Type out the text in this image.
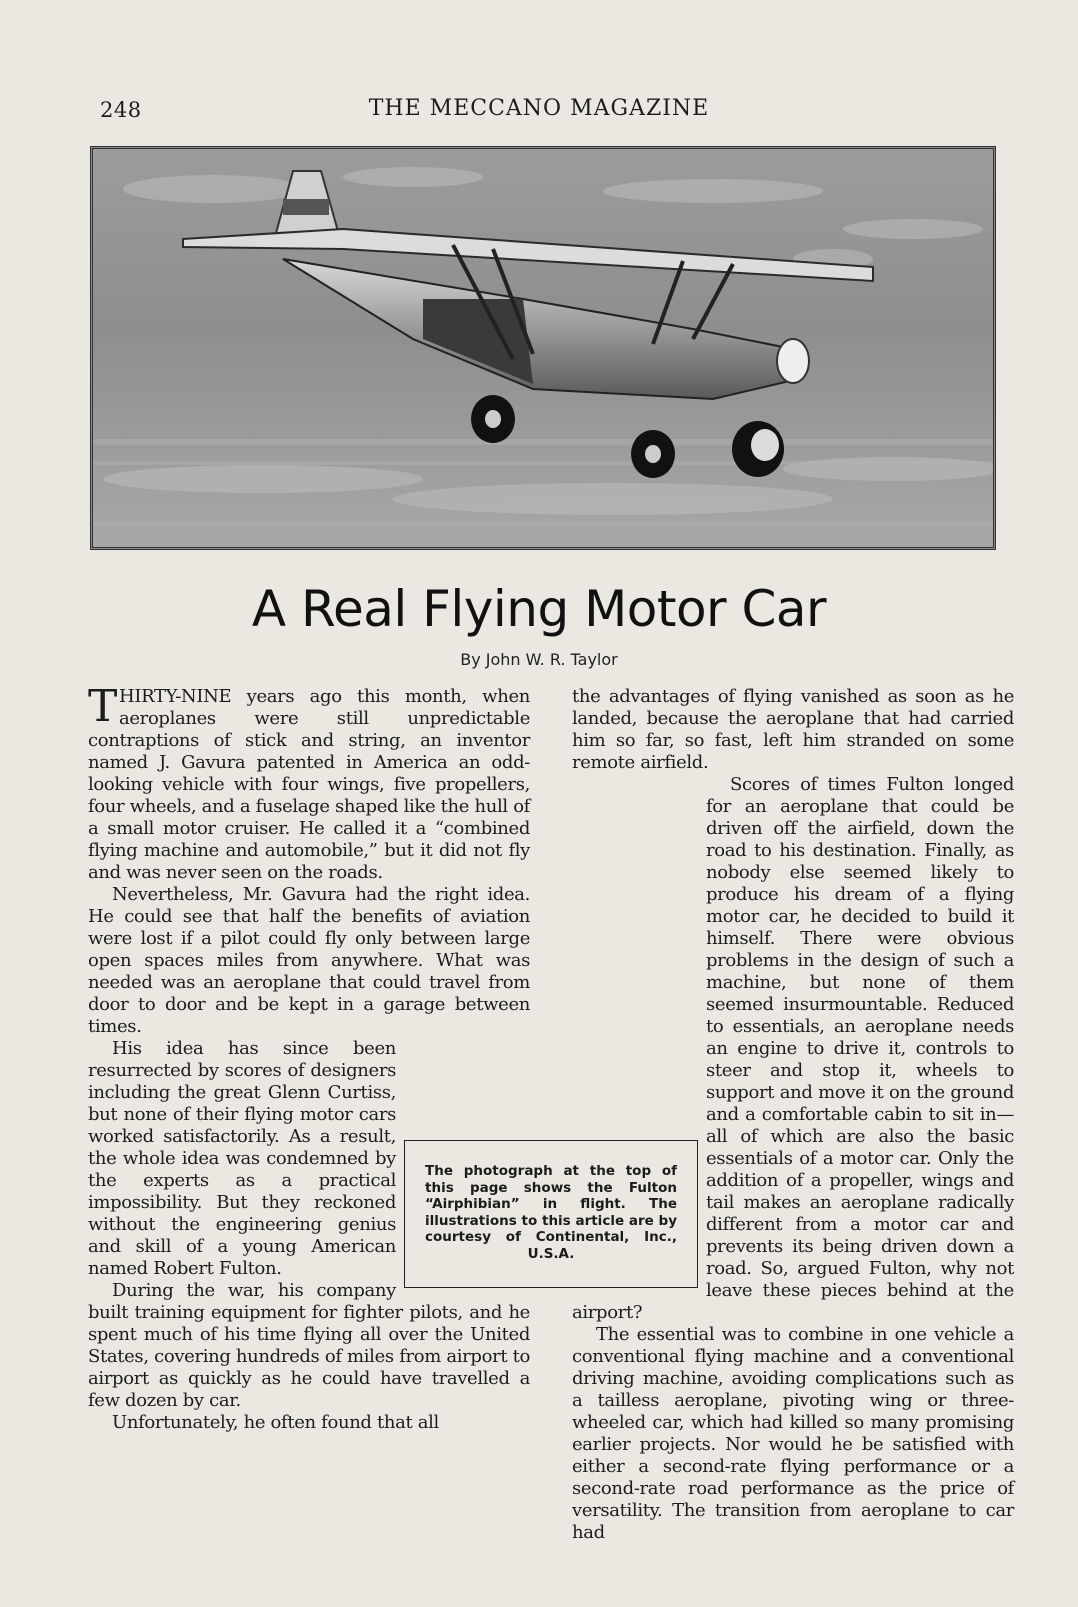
248	THE MECCANO MAGAZINE
A Real Flying Motor Car
By John W. R. Taylor

THIRTY-NINE years ago this month, when aeroplanes were still unpredictable contraptions of stick and string, an inventor named J. Gavura patented in America an odd-looking vehicle with four wings, five propellers, four wheels, and a fuselage shaped like the hull of a small motor cruiser. He called it a “combined flying machine and automobile,” but it did not fly and was never seen on the roads.

Nevertheless, Mr. Gavura had the right idea. He could see that half the benefits of aviation were lost if a pilot could fly only between large open spaces miles from anywhere. What was needed was an aeroplane that could travel from door to door and be kept in a garage between times.

His idea has since been resurrected by scores of designers including the great Glenn Curtiss, but none of their flying motor cars worked satisfactorily. As a result, the whole idea was condemned by the experts as a practical impossibility. But they reckoned without the engineering genius and skill of a young American named Robert Fulton.

During the war, his company built training equipment for fighter pilots, and he spent much of his time flying all over the United States, covering hundreds of miles from airport to airport as quickly as he could have travelled a few dozen by car.

Unfortunately, he often found that all

the advantages of flying vanished as soon as he landed, because the aeroplane that had carried him so far, so fast, left him stranded on some remote airfield.

Scores of times Fulton longed for an aeroplane that could be driven off the airfield, down the road to his destination. Finally, as nobody else seemed likely to produce his dream of a flying motor car, he decided to build it himself. There were obvious problems in the design of such a machine, but none of them seemed insurmountable. Reduced to essentials, an aeroplane needs an engine to drive it, controls to steer and stop it, wheels to support and move it on the ground and a comfortable cabin to sit in—all of which are also the basic essentials of a motor car. Only the addition of a propeller, wings and tail makes an aeroplane radically different from a motor car and prevents its being driven down a road. So, argued Fulton, why not leave these pieces behind at the airport?

The essential was to combine in one vehicle a conventional flying machine and a conventional driving machine, avoiding complications such as a tailless aeroplane, pivoting wing or three-wheeled car, which had killed so many promising earlier projects. Nor would he be satisfied with either a second-rate flying performance or a second-rate road performance as the price of versatility. The transition from aeroplane to car had

The photograph at the top of this page shows the Fulton “Airphibian” in flight. The illustrations to this article are by courtesy of Continental, Inc., U.S.A.
